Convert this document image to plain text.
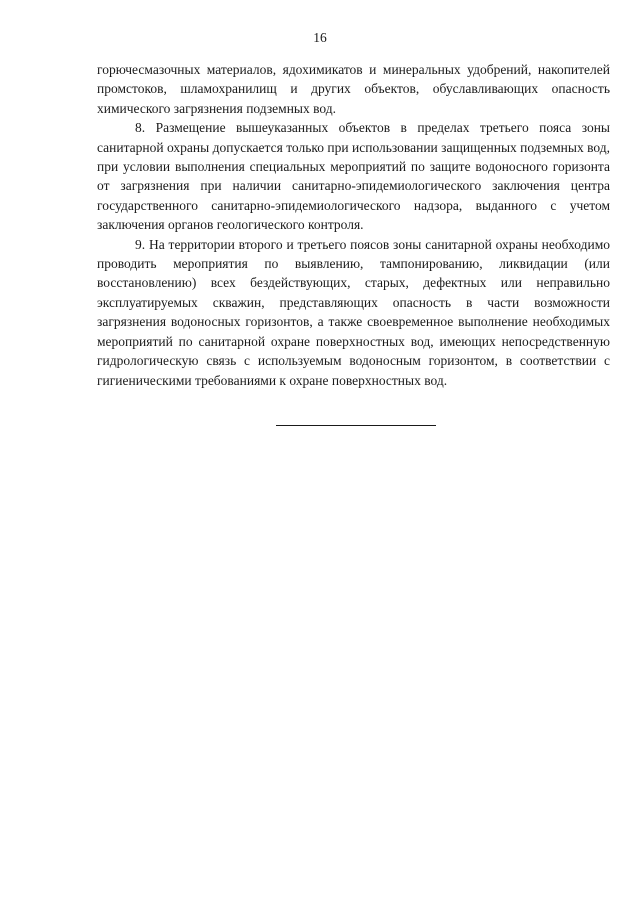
16

горючесмазочных материалов, ядохимикатов и минеральных удобрений, накопителей промстоков, шламохранилищ и других объектов, обуславливающих опасность химического загрязнения подземных вод.

8. Размещение вышеуказанных объектов в пределах третьего пояса зоны санитарной охраны допускается только при использовании защищенных подземных вод, при условии выполнения специальных мероприятий по защите водоносного горизонта от загрязнения при наличии санитарно-эпидемиологического заключения центра государственного санитарно-эпидемиологического надзора, выданного с учетом заключения органов геологического контроля.

9. На территории второго и третьего поясов зоны санитарной охраны необходимо проводить мероприятия по выявлению, тампонированию, ликвидации (или восстановлению) всех бездействующих, старых, дефектных или неправильно эксплуатируемых скважин, представляющих опасность в части возможности загрязнения водоносных горизонтов, а также своевременное выполнение необходимых мероприятий по санитарной охране поверхностных вод, имеющих непосредственную гидрологическую связь с используемым водоносным горизонтом, в соответствии с гигиеническими требованиями к охране поверхностных вод.
